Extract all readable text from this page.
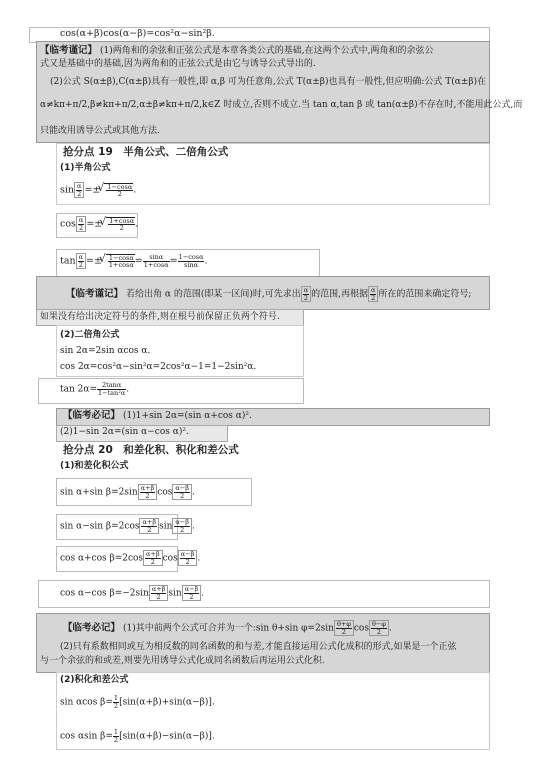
cos(α+β)cos(α−β)=cos²α−sin²β.
【临考谨记】 (1)两角和的余弦和正弦公式是本章各类公式的基础,在这两个公式中,两角和的余弦公
式又是基础中的基础,因为两角和的正弦公式是由它与诱导公式导出的.
(2)公式 S(α±β),C(α±β)具有一般性,即 α,β 可为任意角,公式 T(α±β)也具有一般性,但应明确:公式 T(α±β)在
α≠kπ+π/2,β≠kπ+π/2,α±β≠kπ+π/2,k∈Z 时成立,否则不成立.当 tan α,tan β 或 tan(α±β)不存在时,不能用此公式,而
只能改用诱导公式或其他方法.
抢分点 19　半角公式、二倍角公式
(1)半角公式
$\sin \frac{\alpha}{2}$ =± √ $\frac{1-\cos\alpha}{2}$ .
$\cos \frac{\alpha}{2}$ =± √ $\frac{1+\cos\alpha}{2}$ .
$\tan \frac{\alpha}{2}$ =± √ $\frac{1-\cos\alpha}{1+\cos\alpha} = \frac{\sin\alpha}{1+\cos\alpha} = \frac{1-\cos\alpha}{\sin\alpha}$ .
【临考谨记】 若给出角 α 的范围(即某一区间)时,可先求出 $\frac{\alpha}{2}$ 的范围,再根据 $\frac{\alpha}{2}$ 所在的范围来确定符号;
如果没有给出决定符号的条件,则在根号前保留正负两个符号.
(2)二倍角公式
sin 2α=2sin αcos α.
cos 2α=cos²α−sin²α=2cos²α−1=1−2sin²α.
$\tan 2\alpha= \frac{2\tan\alpha}{\text{1−tan²α}}$ .
【临考必记】 (1)1+sin 2α=(sin α+cos α)².
(2)1−sin 2α=(sin α−cos α)².
抢分点 20　和差化积、积化和差公式
(1)和差化积公式
sin α+sin $\beta=2\sin \frac{\alpha+\beta}{2}$ $\cos \frac{\alpha-\beta}{2}$ .
sin α−sin $\beta=2\cos \frac{\alpha+\beta}{2}$ $\sin \frac{\alpha-\beta}{2}$ .
cos α+cos $\beta=2\cos \frac{\alpha+\beta}{2}$ $\cos \frac{\alpha-\beta}{2}$ .
cos α−cos $\beta=-2\sin \frac{\alpha+\beta}{2}$ $\sin \frac{\alpha-\beta}{2}$ .
【临考必记】 (1)其中前两个公式可合并为一个:sin θ+sin $\varphi=2\sin \frac{\theta+\varphi}{2}$ $\cos \frac{\theta-\varphi}{2}$ .
(2)只有系数相同或互为相反数的同名函数的和与差,才能直接运用公式化成积的形式,如果是一个正弦
与一个余弦的和或差,则要先用诱导公式化成同名函数后再运用公式化积.
(2)积化和差公式
sin αcos $\beta= \frac{1}{2} [\sin(\alpha+\beta)+\sin(\alpha-\beta)]$.
cos αsin $\beta= \frac{1}{2} [\sin(\alpha+\beta)-\sin(\alpha-\beta)]$.
